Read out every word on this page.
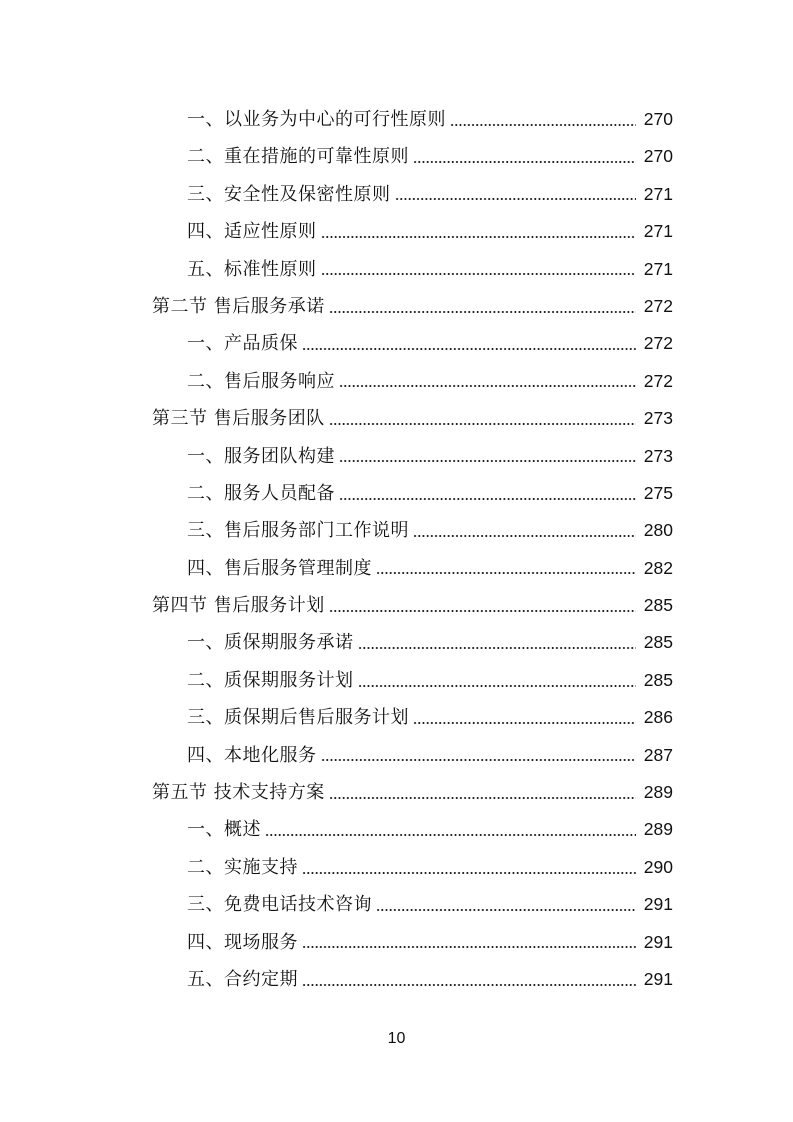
一、以业务为中心的可行性原则	270
二、重在措施的可靠性原则	270
三、安全性及保密性原则	271
四、适应性原则	271
五、标准性原则	271
第二节 售后服务承诺	272
一、产品质保	272
二、售后服务响应	272
第三节 售后服务团队	273
一、服务团队构建	273
二、服务人员配备	275
三、售后服务部门工作说明	280
四、售后服务管理制度	282
第四节 售后服务计划	285
一、质保期服务承诺	285
二、质保期服务计划	285
三、质保期后售后服务计划	286
四、本地化服务	287
第五节 技术支持方案	289
一、概述	289
二、实施支持	290
三、免费电话技术咨询	291
四、现场服务	291
五、合约定期	291
10
